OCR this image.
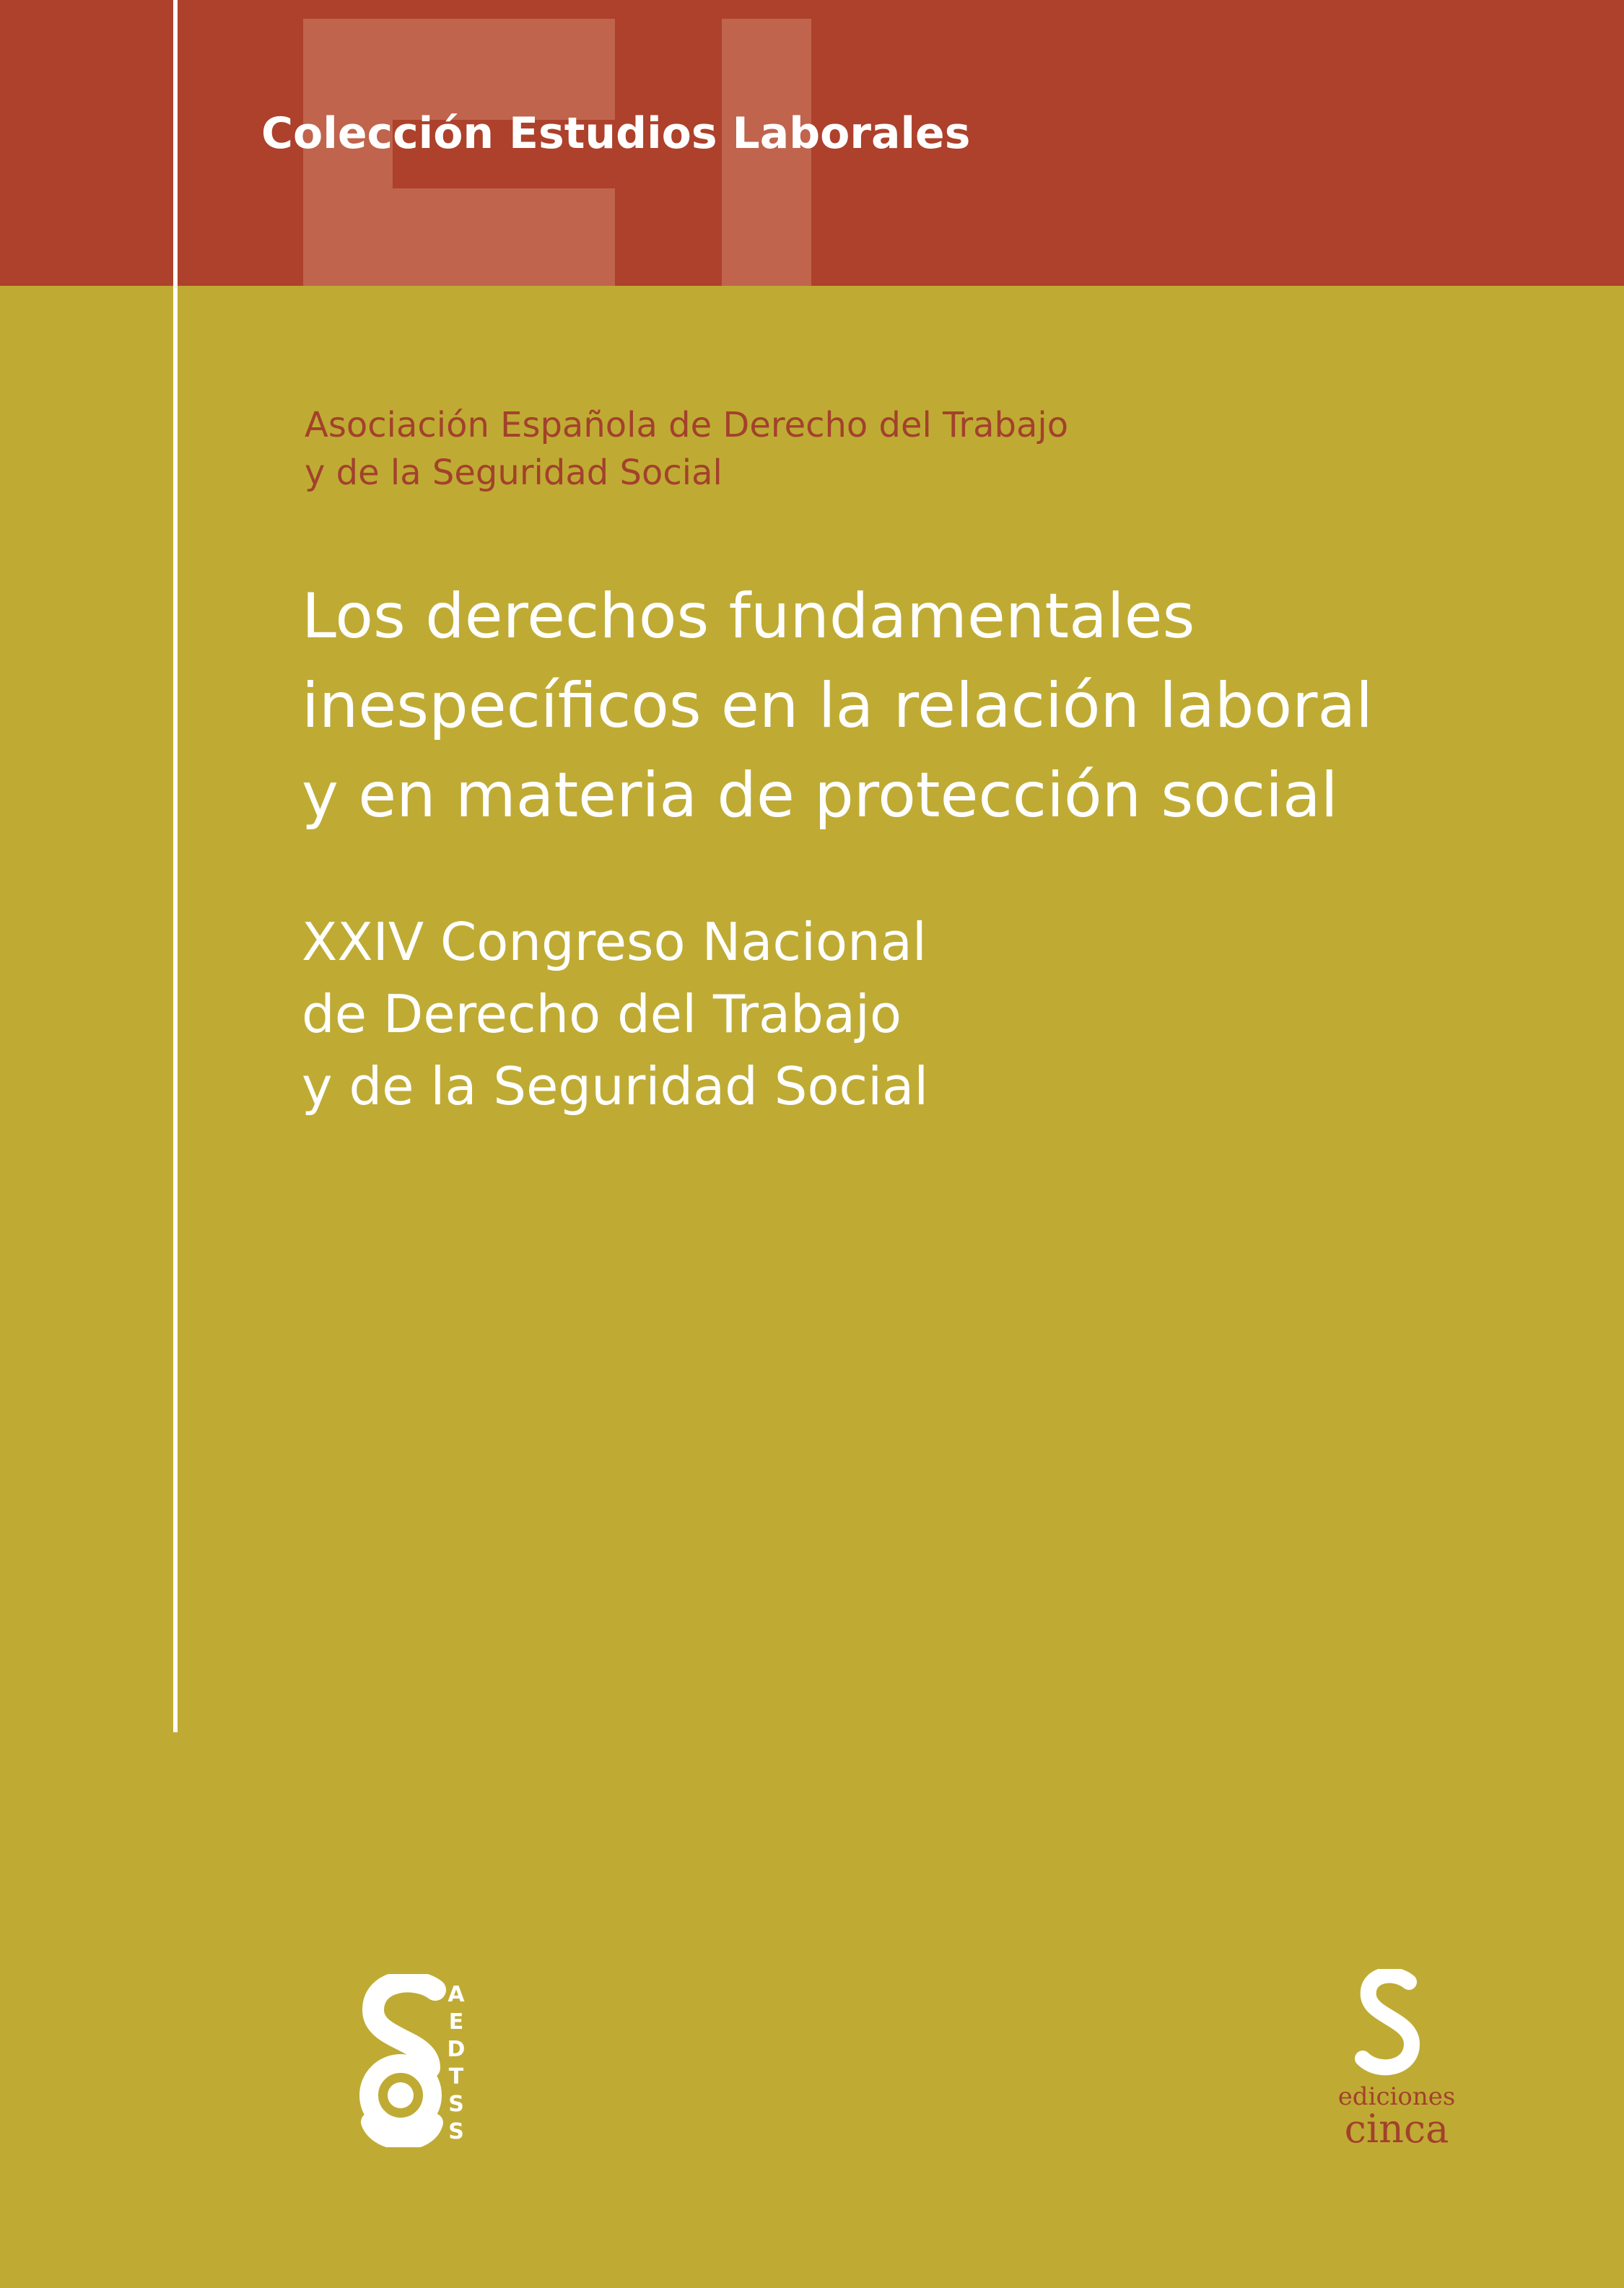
Colección Estudios Laborales
Asociación Española de Derecho del Trabajo
y de la Seguridad Social
Los derechos fundamentales
inespecíficos en la relación laboral
y en materia de protección social
XXIV Congreso Nacional
de Derecho del Trabajo
y de la Seguridad Social
A
E
D
T
S
S
ediciones
cinca
